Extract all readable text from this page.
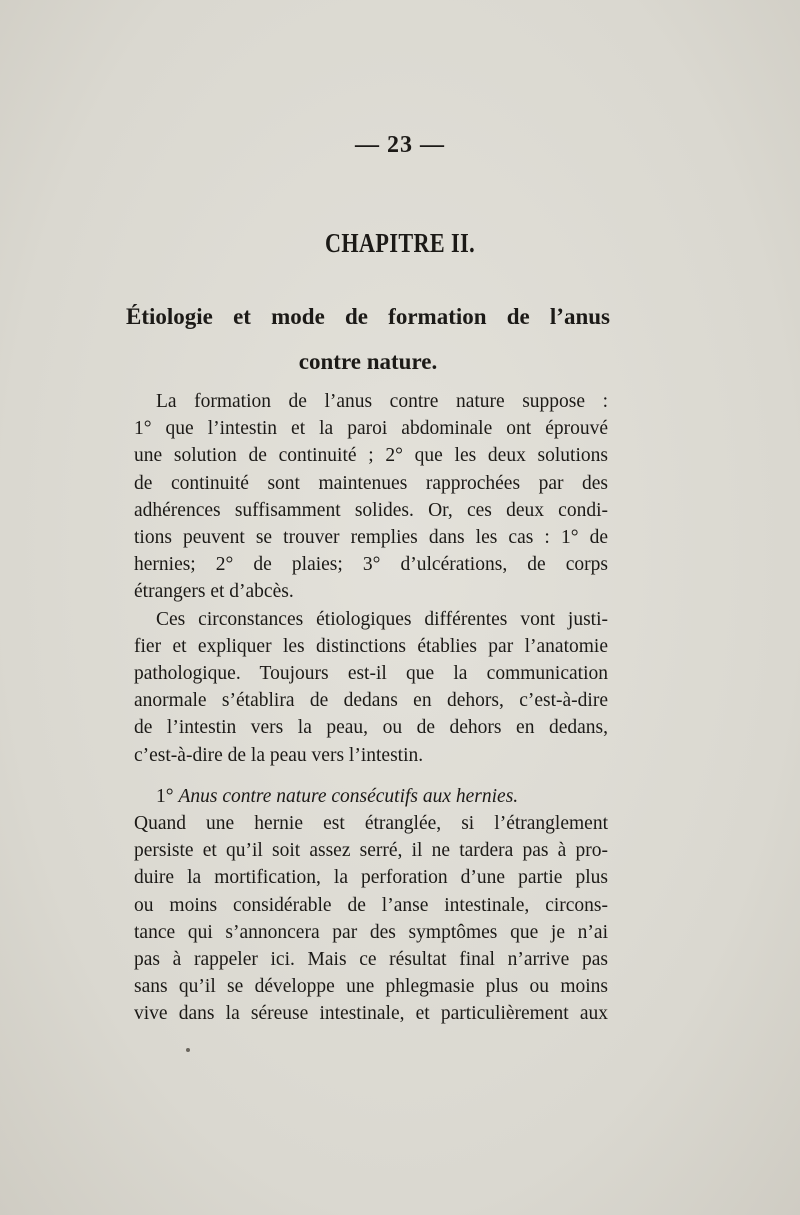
— 23 —
CHAPITRE II.
Étiologie et mode de formation de l’anus
contre nature.
La formation de l’anus contre nature suppose :
1° que l’intestin et la paroi abdominale ont éprouvé
une solution de continuité ; 2° que les deux solutions
de continuité sont maintenues rapprochées par des
adhérences suffisamment solides. Or, ces deux condi-
tions peuvent se trouver remplies dans les cas : 1° de
hernies; 2° de plaies; 3° d’ulcérations, de corps
étrangers et d’abcès.
Ces circonstances étiologiques différentes vont justi-
fier et expliquer les distinctions établies par l’anatomie
pathologique. Toujours est-il que la communication
anormale s’établira de dedans en dehors, c’est-à-dire
de l’intestin vers la peau, ou de dehors en dedans,
c’est-à-dire de la peau vers l’intestin.
1° Anus contre nature consécutifs aux hernies.
Quand une hernie est étranglée, si l’étranglement
persiste et qu’il soit assez serré, il ne tardera pas à pro-
duire la mortification, la perforation d’une partie plus
ou moins considérable de l’anse intestinale, circons-
tance qui s’annoncera par des symptômes que je n’ai
pas à rappeler ici. Mais ce résultat final n’arrive pas
sans qu’il se développe une phlegmasie plus ou moins
vive dans la séreuse intestinale, et particulièrement aux
